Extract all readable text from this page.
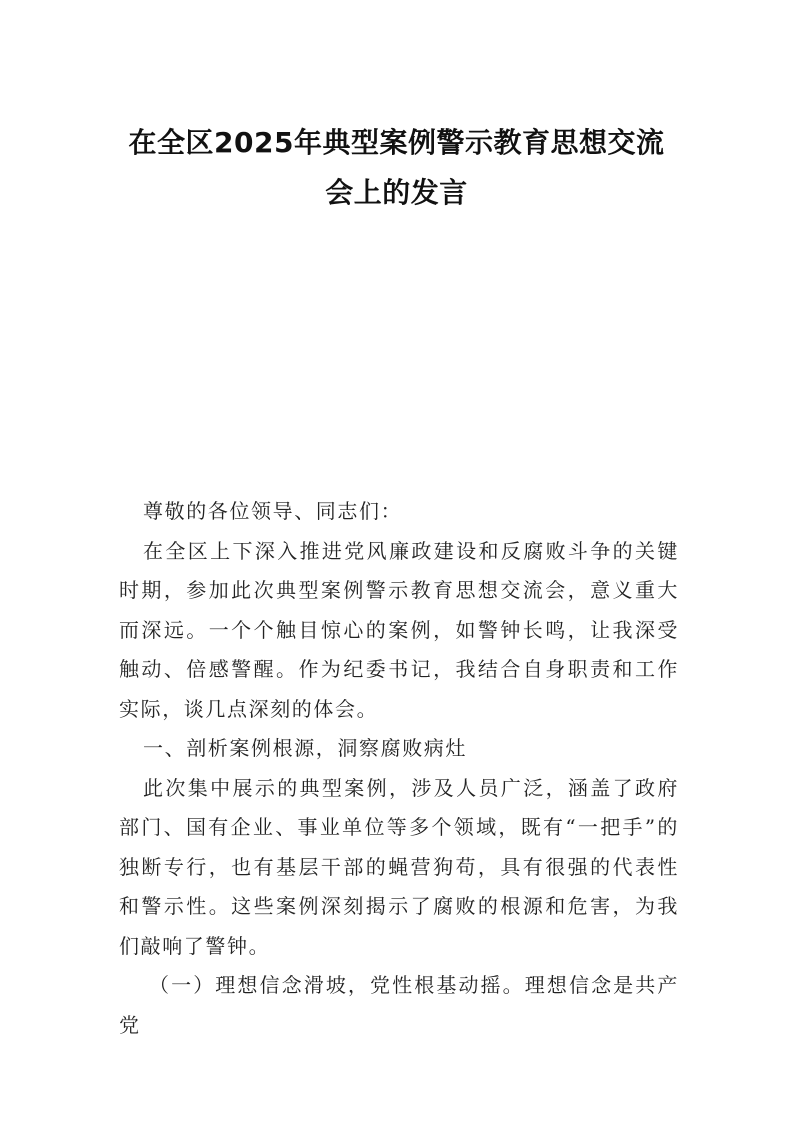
在全区2025年典型案例警示教育思想交流
会上的发言

尊敬的各位领导、同志们：

在全区上下深入推进党风廉政建设和反腐败斗争的关键时期，参加此次典型案例警示教育思想交流会，意义重大而深远。一个个触目惊心的案例，如警钟长鸣，让我深受触动、倍感警醒。作为纪委书记，我结合自身职责和工作实际，谈几点深刻的体会。

一、剖析案例根源，洞察腐败病灶

此次集中展示的典型案例，涉及人员广泛，涵盖了政府部门、国有企业、事业单位等多个领域，既有“一把手”的独断专行，也有基层干部的蝇营狗苟，具有很强的代表性和警示性。这些案例深刻揭示了腐败的根源和危害，为我们敲响了警钟。

（一）理想信念滑坡，党性根基动摇。理想信念是共产党
